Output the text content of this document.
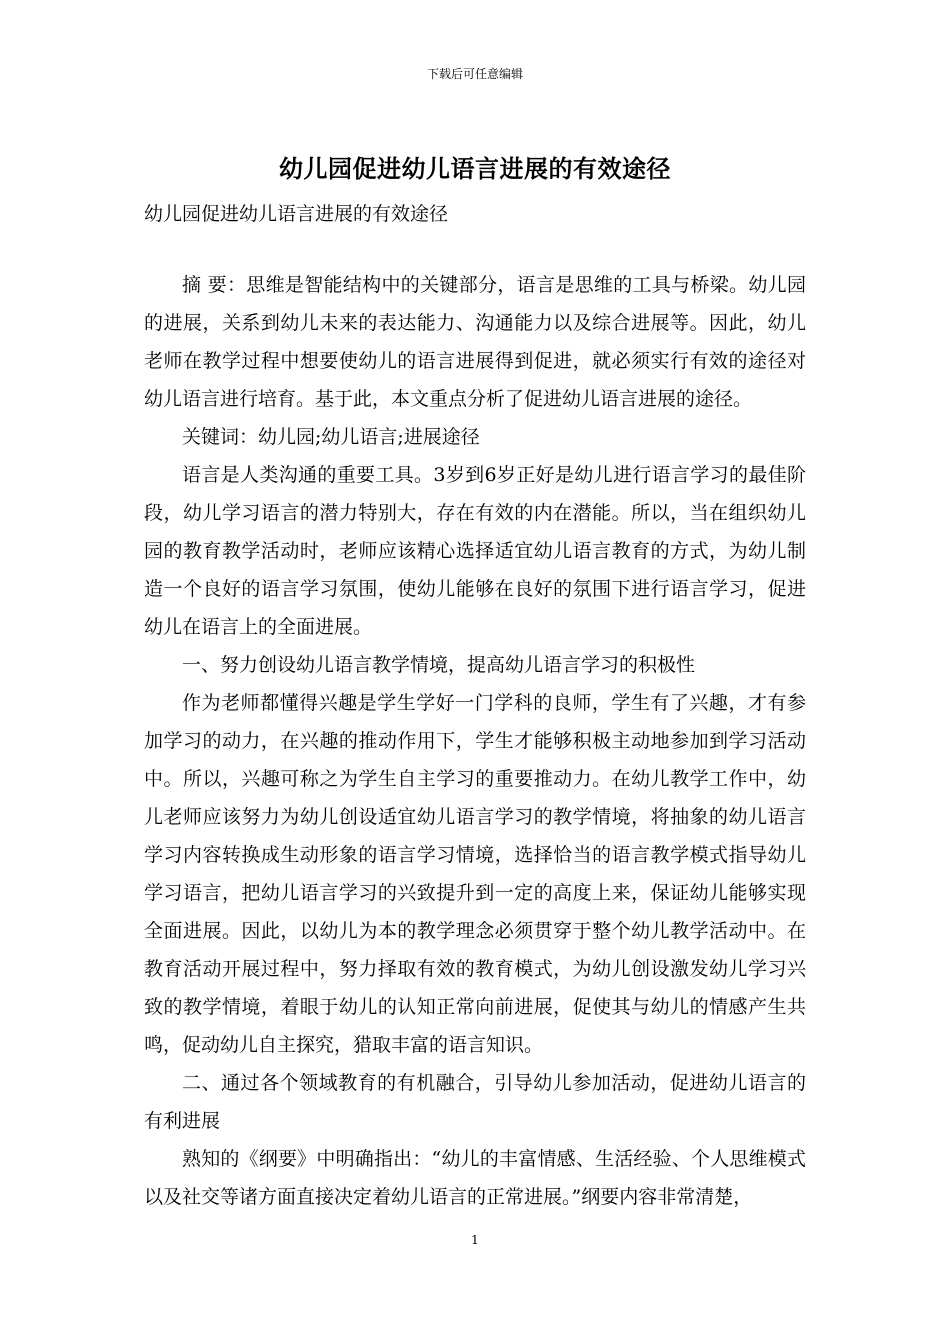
下载后可任意编辑
幼儿园促进幼儿语言进展的有效途径
幼儿园促进幼儿语言进展的有效途径

摘 要：思维是智能结构中的关键部分，语言是思维的工具与桥梁。幼儿园的进展，关系到幼儿未来的表达能力、沟通能力以及综合进展等。因此，幼儿老师在教学过程中想要使幼儿的语言进展得到促进，就必须实行有效的途径对幼儿语言进行培育。基于此，本文重点分析了促进幼儿语言进展的途径。

关键词：幼儿园;幼儿语言;进展途径

语言是人类沟通的重要工具。3岁到6岁正好是幼儿进行语言学习的最佳阶段，幼儿学习语言的潜力特别大，存在有效的内在潜能。所以，当在组织幼儿园的教育教学活动时，老师应该精心选择适宜幼儿语言教育的方式，为幼儿制造一个良好的语言学习氛围，使幼儿能够在良好的氛围下进行语言学习，促进幼儿在语言上的全面进展。

一、努力创设幼儿语言教学情境，提高幼儿语言学习的积极性

作为老师都懂得兴趣是学生学好一门学科的良师，学生有了兴趣，才有参加学习的动力，在兴趣的推动作用下，学生才能够积极主动地参加到学习活动中。所以，兴趣可称之为学生自主学习的重要推动力。在幼儿教学工作中，幼儿老师应该努力为幼儿创设适宜幼儿语言学习的教学情境，将抽象的幼儿语言学习内容转换成生动形象的语言学习情境，选择恰当的语言教学模式指导幼儿学习语言，把幼儿语言学习的兴致提升到一定的高度上来，保证幼儿能够实现全面进展。因此，以幼儿为本的教学理念必须贯穿于整个幼儿教学活动中。在教育活动开展过程中，努力择取有效的教育模式，为幼儿创设激发幼儿学习兴致的教学情境，着眼于幼儿的认知正常向前进展，促使其与幼儿的情感产生共鸣，促动幼儿自主探究，猎取丰富的语言知识。

二、通过各个领域教育的有机融合，引导幼儿参加活动，促进幼儿语言的有利进展

熟知的《纲要》中明确指出：“幼儿的丰富情感、生活经验、个人思维模式以及社交等诸方面直接决定着幼儿语言的正常进展。”纲要内容非常清楚，

1
